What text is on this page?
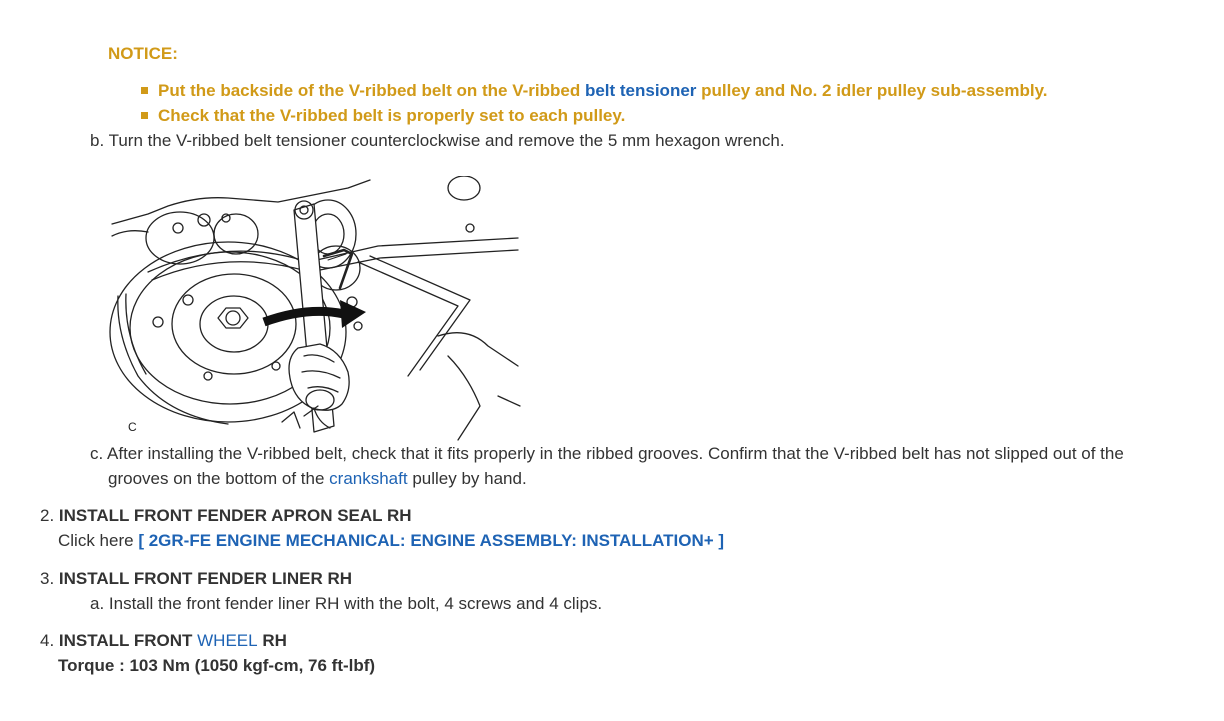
NOTICE:
Put the backside of the V-ribbed belt on the V-ribbed belt tensioner pulley and No. 2 idler pulley sub-assembly.
Check that the V-ribbed belt is properly set to each pulley.
b. Turn the V-ribbed belt tensioner counterclockwise and remove the 5 mm hexagon wrench.
C
c. After installing the V-ribbed belt, check that it fits properly in the ribbed grooves. Confirm that the V-ribbed belt has not slipped out of the
grooves on the bottom of the crankshaft pulley by hand.
2. INSTALL FRONT FENDER APRON SEAL RH
Click here [ 2GR-FE ENGINE MECHANICAL: ENGINE ASSEMBLY: INSTALLATION+ ]
3. INSTALL FRONT FENDER LINER RH
a. Install the front fender liner RH with the bolt, 4 screws and 4 clips.
4. INSTALL FRONT WHEEL RH
Torque : 103 Nm (1050 kgf-cm, 76 ft-lbf)
